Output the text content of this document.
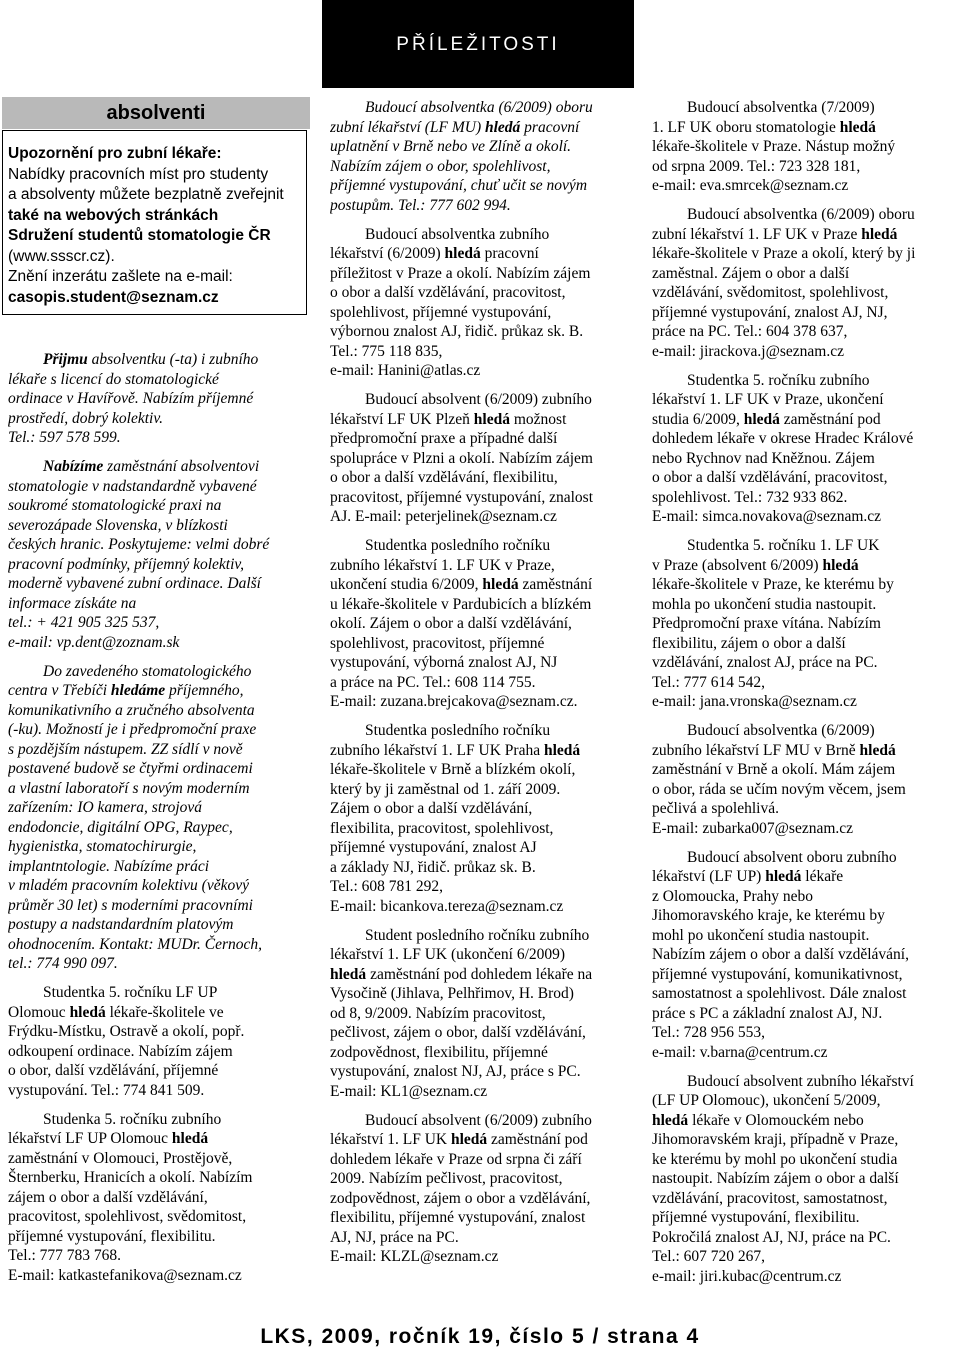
PŘÍLEŽITOSTI
absolventi
Upozornění pro zubní lékaře:
Nabídky pracovních míst pro studenty
a absolventy můžete bezplatně zveřejnit
také na webových stránkách
Sdružení studentů stomatologie ČR
(www.ssscr.cz).
Znění inzerátu zašlete na e-mail:
casopis.student@seznam.cz
Přijmu absolventku (-ta) i zubního
lékaře s licencí do stomatologické
ordinace v Havířově. Nabízím příjemné
prostředí, dobrý kolektiv.
Tel.: 597 578 599.
Nabízíme zaměstnání absolventovi
stomatologie v nadstandardně vybavené
soukromé stomatologické praxi na
severozápade Slovenska, v blízkosti
českých hranic. Poskytujeme: velmi dobré
pracovní podmínky, příjemný kolektiv,
moderně vybavené zubní ordinace. Další
informace získáte na
tel.: + 421 905 325 537,
e-mail: vp.dent@zoznam.sk
Do zavedeného stomatologického
centra v Třebíči hledáme příjemného,
komunikativního a zručného absolventa
(-ku). Možností je i předpromoční praxe
s pozdějším nástupem. ZZ sídlí v nově
postavené budově se čtyřmi ordinacemi
a vlastní laboratoří s novým moderním
zařízením: IO kamera, strojová
endodoncie, digitální OPG, Raypec,
hygienistka, stomatochirurgie,
implantntologie. Nabízíme práci
v mladém pracovním kolektivu (věkový
průměr 30 let) s moderními pracovními
postupy a nadstandardním platovým
ohodnocením. Kontakt: MUDr. Černoch,
tel.: 774 990 097.
Studentka 5. ročníku LF UP
Olomouc hledá lékaře-školitele ve
Frýdku-Místku, Ostravě a okolí, popř.
odkoupení ordinace. Nabízím zájem
o obor, další vzdělávání, příjemné
vystupování. Tel.: 774 841 509.
Studenka 5. ročníku zubního
lékařství LF UP Olomouc hledá
zaměstnání v Olomouci, Prostějově,
Šternberku, Hranicích a okolí. Nabízím
zájem o obor a další vzdělávání,
pracovitost, spolehlivost, svědomitost,
příjemné vystupování, flexibilitu.
Tel.: 777 783 768.
E-mail: katkastefanikova@seznam.cz
Budoucí absolventka (6/2009) oboru
zubní lékařství (LF MU) hledá pracovní
uplatnění v Brně nebo ve Zlíně a okolí.
Nabízím zájem o obor, spolehlivost,
příjemné vystupování, chuť učit se novým
postupům. Tel.: 777 602 994.
Budoucí absolventka zubního
lékařství (6/2009) hledá pracovní
příležitost v Praze a okolí. Nabízím zájem
o obor a další vzdělávání, pracovitost,
spolehlivost, příjemné vystupování,
výbornou znalost AJ, řidič. průkaz sk. B.
Tel.: 775 118 835,
e-mail: Hanini@atlas.cz
Budoucí absolvent (6/2009) zubního
lékařství LF UK Plzeň hledá možnost
předpromoční praxe a případné další
spolupráce v Plzni a okolí. Nabízím zájem
o obor a další vzdělávání, flexibilitu,
pracovitost, příjemné vystupování, znalost
AJ. E-mail: peterjelinek@seznam.cz
Studentka posledního ročníku
zubního lékařství 1. LF UK v Praze,
ukončení studia 6/2009, hledá zaměstnání
u lékaře-školitele v Pardubicích a blízkém
okolí. Zájem o obor a další vzdělávání,
spolehlivost, pracovitost, příjemné
vystupování, výborná znalost AJ, NJ
a práce na PC. Tel.: 608 114 755.
E-mail: zuzana.brejcakova@seznam.cz.
Studentka posledního ročníku
zubního lékařství 1. LF UK Praha hledá
lékaře-školitele v Brně a blízkém okolí,
který by ji zaměstnal od 1. září 2009.
Zájem o obor a další vzdělávání,
flexibilita, pracovitost, spolehlivost,
příjemné vystupování, znalost AJ
a základy NJ, řidič. průkaz sk. B.
Tel.: 608 781 292,
E-mail: bicankova.tereza@seznam.cz
Student posledního ročníku zubního
lékařství 1. LF UK (ukončení 6/2009)
hledá zaměstnání pod dohledem lékaře na
Vysočině (Jihlava, Pelhřimov, H. Brod)
od 8, 9/2009. Nabízím pracovitost,
pečlivost, zájem o obor, další vzdělávání,
zodpovědnost, flexibilitu, příjemné
vystupování, znalost NJ, AJ, práce s PC.
E-mail: KL1@seznam.cz
Budoucí absolvent (6/2009) zubního
lékařství 1. LF UK hledá zaměstnání pod
dohledem lékaře v Praze od srpna či září
2009. Nabízím pečlivost, pracovitost,
zodpovědnost, zájem o obor a vzdělávání,
flexibilitu, příjemné vystupování, znalost
AJ, NJ, práce na PC.
E-mail: KLZL@seznam.cz
Budoucí absolventka (7/2009)
1. LF UK oboru stomatologie hledá
lékaře-školitele v Praze. Nástup možný
od srpna 2009. Tel.: 723 328 181,
e-mail: eva.smrcek@seznam.cz
Budoucí absolventka (6/2009) oboru
zubní lékařství 1. LF UK v Praze hledá
lékaře-školitele v Praze a okolí, který by ji
zaměstnal. Zájem o obor a další
vzdělávání, svědomitost, spolehlivost,
příjemné vystupování, znalost AJ, NJ,
práce na PC. Tel.: 604 378 637,
e-mail: jirackova.j@seznam.cz
Studentka 5. ročníku zubního
lékařství 1. LF UK v Praze, ukončení
studia 6/2009, hledá zaměstnání pod
dohledem lékaře v okrese Hradec Králové
nebo Rychnov nad Kněžnou. Zájem
o obor a další vzdělávání, pracovitost,
spolehlivost. Tel.: 732 933 862.
E-mail: simca.novakova@seznam.cz
Studentka 5. ročníku 1. LF UK
v Praze (absolvent 6/2009) hledá
lékaře-školitele v Praze, ke kterému by
mohla po ukončení studia nastoupit.
Předpromoční praxe vítána. Nabízím
flexibilitu, zájem o obor a další
vzdělávání, znalost AJ, práce na PC.
Tel.: 777 614 542,
e-mail: jana.vronska@seznam.cz
Budoucí absolventka (6/2009)
zubního lékařství LF MU v Brně hledá
zaměstnání v Brně a okolí. Mám zájem
o obor, ráda se učím novým věcem, jsem
pečlivá a spolehlivá.
E-mail: zubarka007@seznam.cz
Budoucí absolvent oboru zubního
lékařství (LF UP) hledá lékaře
z Olomoucka, Prahy nebo
Jihomoravského kraje, ke kterému by
mohl po ukončení studia nastoupit.
Nabízím zájem o obor a další vzdělávání,
příjemné vystupování, komunikativnost,
samostatnost a spolehlivost. Dále znalost
práce s PC a základní znalost AJ, NJ.
Tel.: 728 956 553,
e-mail: v.barna@centrum.cz
Budoucí absolvent zubního lékařství
(LF UP Olomouc), ukončení 5/2009,
hledá lékaře v Olomouckém nebo
Jihomoravském kraji, případně v Praze,
ke kterému by mohl po ukončení studia
nastoupit. Nabízím zájem o obor a další
vzdělávání, pracovitost, samostatnost,
příjemné vystupování, flexibilitu.
Pokročilá znalost AJ, NJ, práce na PC.
Tel.: 607 720 267,
e-mail: jiri.kubac@centrum.cz
LKS, 2009, ročník 19, číslo 5 / strana 4
